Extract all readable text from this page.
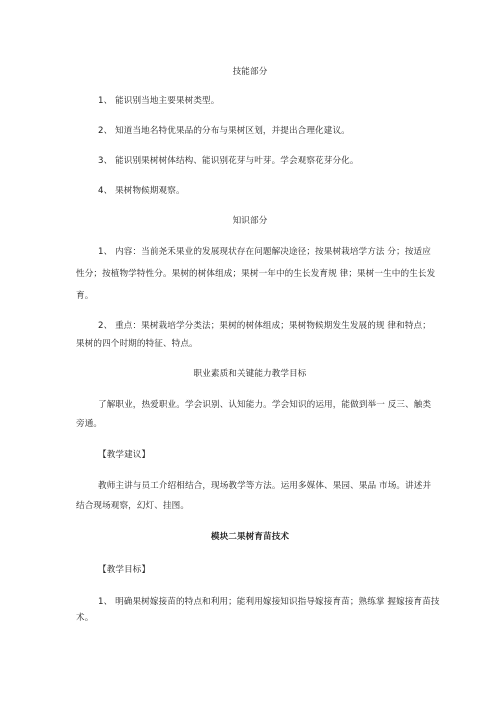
技能部分
1、 能识别当地主要果树类型。
2、 知道当地名特优果品的分布与果树区划，并提出合理化建议。
3、 能识别果树树体结构、能识别花芽与叶芽。学会观察花芽分化。
4、 果树物候期观察。
知识部分
1、 内容：当前尧禾果业的发展现状存在问题解决途径；按果树栽培学方法 分；按适应
性分；按植物学特性分。果树的树体组成；果树一年中的生长发育规 律；果树一生中的生长发
育。
2、 重点：果树栽培学分类法；果树的树体组成；果树物候期发生发展的规 律和特点；
果树的四个时期的特征、特点。
职业素质和关键能力教学目标
了解职业，热爱职业。学会识别、认知能力。学会知识的运用，能做到举一 反三、触类
旁通。
【教学建议】
教师主讲与员工介绍相结合，现场教学等方法。运用多媒体、果园、果品 市场。讲述并
结合现场观察，幻灯、挂图。
模块二果树育苗技术
【教学目标】
1、 明确果树嫁接苗的特点和利用；能利用嫁接知识指导嫁接育苗；熟练掌 握嫁接育苗技
术。
